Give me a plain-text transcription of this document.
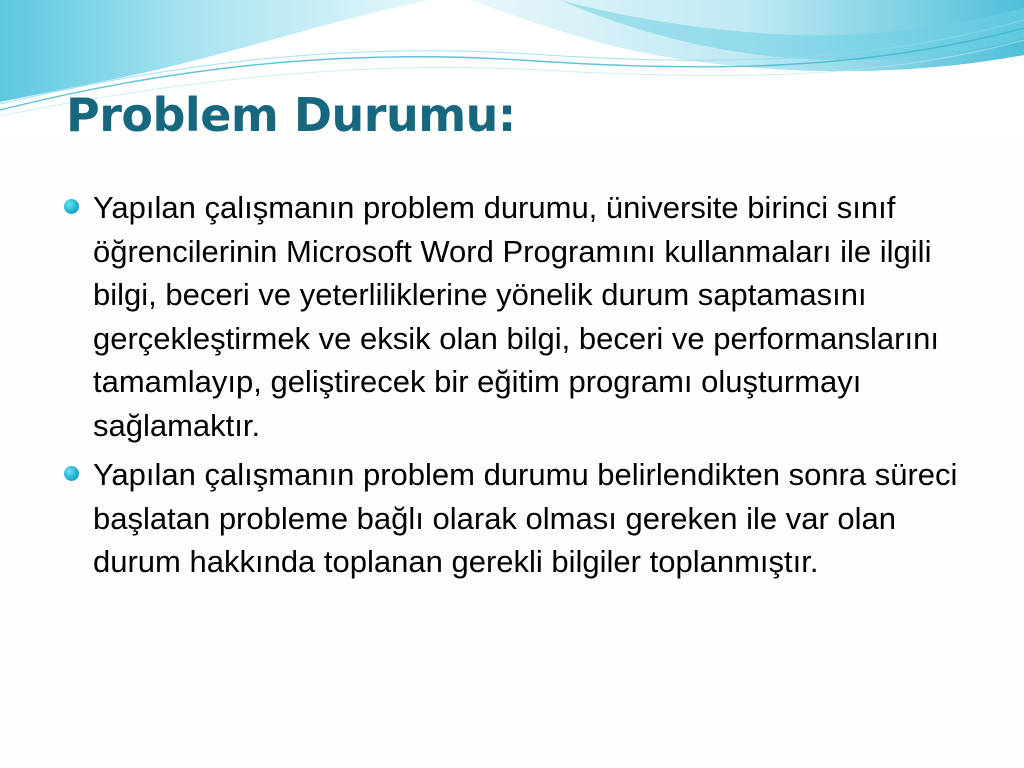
Problem Durumu:
Yapılan çalışmanın problem durumu, üniversite birinci sınıf öğrencilerinin Microsoft Word Programını kullanmaları ile ilgili bilgi, beceri ve yeterliliklerine yönelik durum saptamasını gerçekleştirmek ve eksik olan bilgi, beceri ve performanslarını tamamlayıp, geliştirecek bir eğitim programı oluşturmayı sağlamaktır.
Yapılan çalışmanın problem durumu belirlendikten sonra süreci başlatan probleme bağlı olarak olması gereken ile var olan durum hakkında toplanan gerekli bilgiler toplanmıştır.
